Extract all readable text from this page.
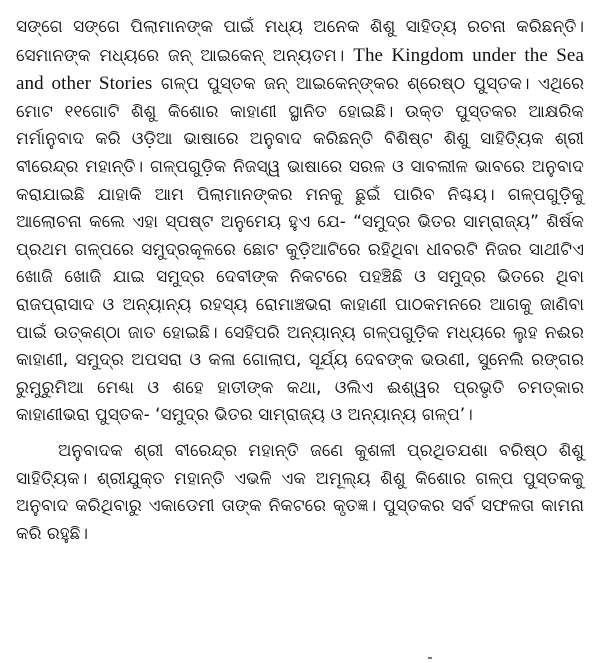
ସଙ୍ଗେ ସଙ୍ଗେ ପିଲାମାନଙ୍କ ପାଇଁ ମଧ୍ୟ ଅନେକ ଶିଶୁ ସାହିତ୍ୟ ରଚନା କରିଛନ୍ତି। ସେମାନଙ୍କ ମଧ୍ୟରେ ଜନ୍ ଆଇକେନ୍ ଅନ୍ୟତମ। The Kingdom under the Sea and other Stories ଗଳ୍ପ ପୁସ୍ତକ ଜନ୍ ଆଇକେନ୍‌ଙ୍କର ଶ୍ରେଷ୍ଠ ପୁସ୍ତକ। ଏଥିରେ ମୋଟ ୧୧ଗୋଟି ଶିଶୁ କିଶୋର କାହାଣୀ ସ୍ଥାନିତ ହୋଇଛି। ଉକ୍ତ ପୁସ୍ତକର ଆକ୍ଷରିକ ମର୍ମାନୁବାଦ କରି ଓଡ଼ିଆ ଭାଷାରେ ଅନୁବାଦ କରିଛନ୍ତି ବିଶିଷ୍ଟ ଶିଶୁ ସାହିତ୍ୟିକ ଶ୍ରୀ ବୀରେନ୍ଦ୍ର ମହାନ୍ତି। ଗଳ୍ପଗୁଡ଼ିକ ନିଜସ୍ୱ ଭାଷାରେ ସରଳ ଓ ସାବଲୀଳ ଭାବରେ ଅନୁବାଦ କରାଯାଇଛି ଯାହାକି ଆମ ପିଲାମାନଙ୍କର ମନକୁ ଛୁଇଁ ପାରିବ ନିଶ୍ଚୟ। ଗଳ୍ପଗୁଡ଼ିକୁ ଆଲୋଚନା କଲେ ଏହା ସ୍ପଷ୍ଟ ଅନୁମେୟ ହୁଏ ଯେ- “ସମୁଦ୍ର ଭିତର ସାମ୍ରାଜ୍ୟ” ଶିର୍ଷକ ପ୍ରଥମ ଗଳ୍ପରେ ସମୁଦ୍ରକୂଳରେ ଛୋଟ କୁଡ଼ିଆଟିରେ ରହିଥିବା ଧୀବରଟି ନିଜର ସାଥୀଟିଏ ଖୋଜି ଖୋଜି ଯାଇ ସମୁଦ୍ର ଦେବୀଙ୍କ ନିକଟରେ ପହଞ୍ଚିଛି ଓ ସମୁଦ୍ର ଭିତରେ ଥିବା ରାଜପ୍ରାସାଦ ଓ ଅନ୍ୟାନ୍ୟ ରହସ୍ୟ ରୋମାଞ୍ଚଭରା କାହାଣୀ ପାଠକମନରେ ଆଗକୁ ଜାଣିବା ପାଇଁ ଉତ୍କଣ୍ଠା ଜାତ ହୋଇଛି। ସେହିପରି ଅନ୍ୟାନ୍ୟ ଗଳ୍ପଗୁଡ଼ିକ ମଧ୍ୟରେ ଲୁହ ନଈର କାହାଣୀ, ସମୁଦ୍ର ଅପସରା ଓ କଳା ଗୋଲାପ, ସୂର୍ଯ୍ୟ ଦେବଙ୍କ ଭଉଣୀ, ସୁନେଲି ରଙ୍ଗର ରୁମୁରୁମିଆ ମେଣ୍ଢା ଓ ଶହେ ହାତୀଙ୍କ କଥା, ଓଲିଏ ଈଶ୍ୱର ପ୍ରଭୃତି ଚମତ୍କାର କାହାଣୀଭରା ପୁସ୍ତକ- ‘ସମୁଦ୍ର ଭିତର ସାମ୍ରାଜ୍ୟ ଓ ଅନ୍ୟାନ୍ୟ ଗଳ୍ପ’।

ଅନୁବାଦକ ଶ୍ରୀ ବୀରେନ୍ଦ୍ର ମହାନ୍ତି ଜଣେ କୁଶଳୀ ପ୍ରଥିତଯଶା ବରିଷ୍ଠ ଶିଶୁ ସାହିତ୍ୟିକ। ଶ୍ରୀଯୁକ୍ତ ମହାନ୍ତି ଏଭଳି ଏକ ଅମୂଲ୍ୟ ଶିଶୁ କିଶୋର ଗଳ୍ପ ପୁସ୍ତକକୁ ଅନୁବାଦ କରିଥିବାରୁ ଏକାଡେମୀ ତାଙ୍କ ନିକଟରେ କୃତଜ୍ଞ। ପୁସ୍ତକର ସର୍ବ ସଫଳତା କାମନା କରି ରହୁଛି।
